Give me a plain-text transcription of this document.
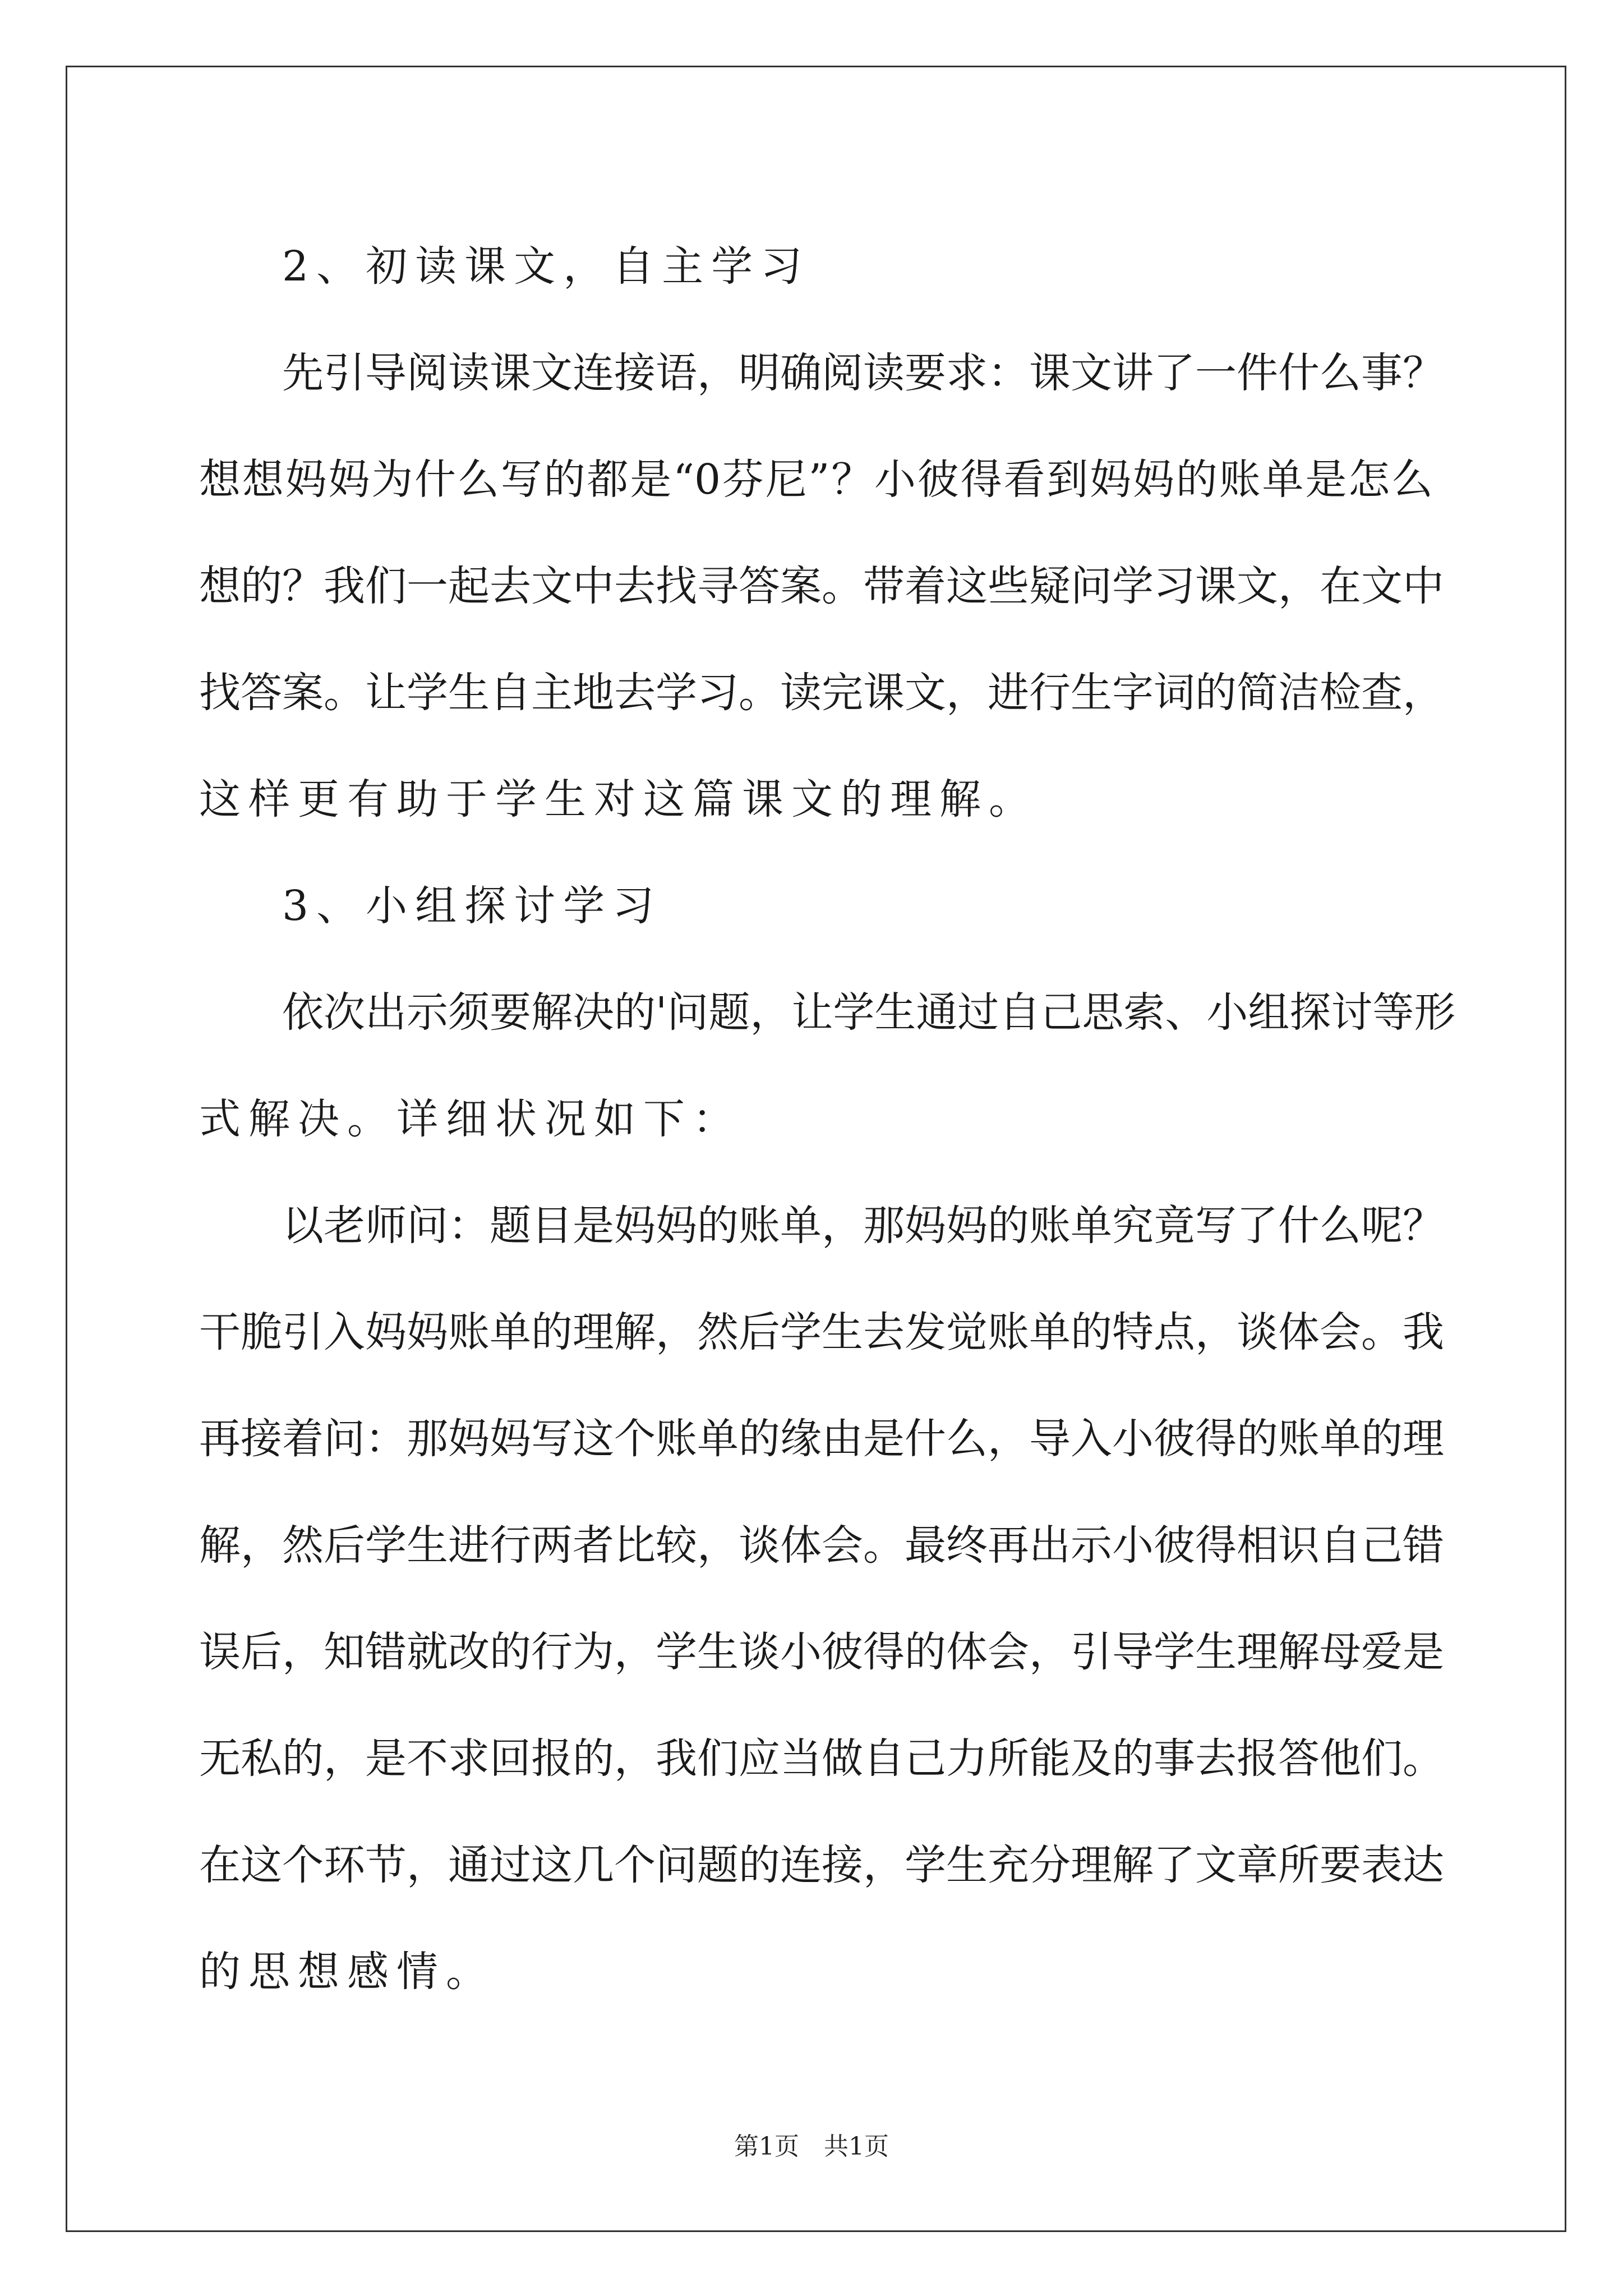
2、初读课文，自主学习
先引导阅读课文连接语，明确阅读要求：课文讲了一件什么事？
想想妈妈为什么写的都是“0芬尼”？小彼得看到妈妈的账单是怎么
想的？我们一起去文中去找寻答案。带着这些疑问学习课文，在文中
找答案。让学生自主地去学习。读完课文，进行生字词的简洁检查，
这样更有助于学生对这篇课文的理解。
3、小组探讨学习
依次出示须要解决的'问题，让学生通过自己思索、小组探讨等形
式解决。详细状况如下：
以老师问：题目是妈妈的账单，那妈妈的账单究竟写了什么呢？
干脆引入妈妈账单的理解，然后学生去发觉账单的特点，谈体会。我
再接着问：那妈妈写这个账单的缘由是什么，导入小彼得的账单的理
解，然后学生进行两者比较，谈体会。最终再出示小彼得相识自己错
误后，知错就改的行为，学生谈小彼得的体会，引导学生理解母爱是
无私的，是不求回报的，我们应当做自己力所能及的事去报答他们。
在这个环节，通过这几个问题的连接，学生充分理解了文章所要表达
的思想感情。
第1页　共1页
